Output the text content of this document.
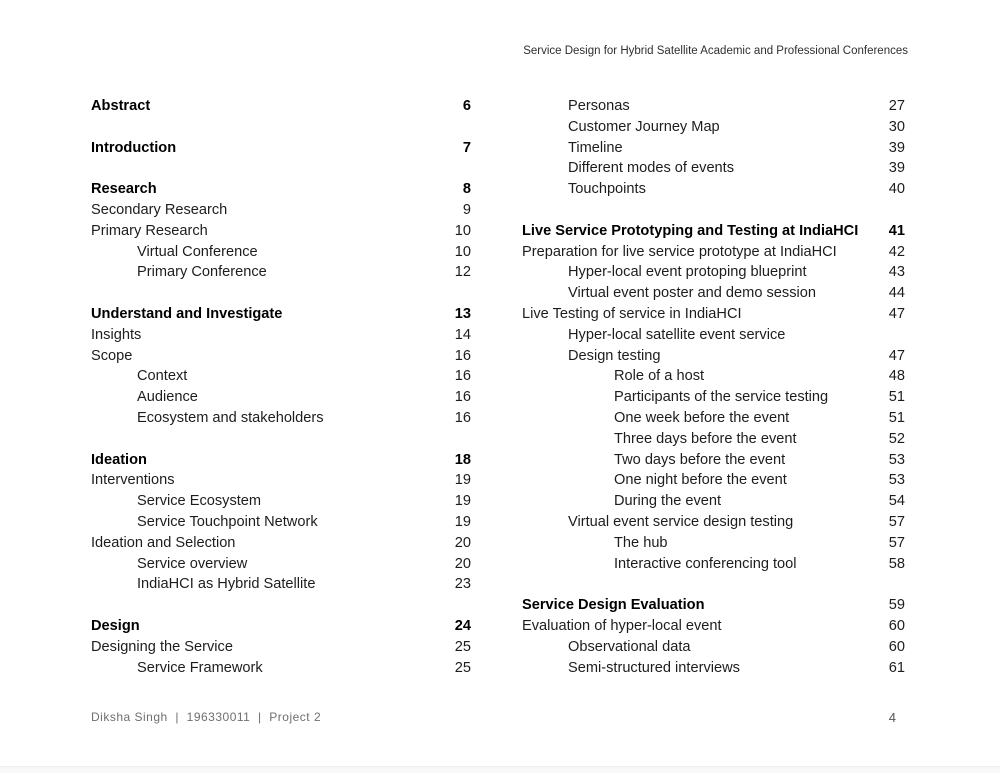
Service Design for Hybrid Satellite Academic and Professional Conferences
Abstract	6
Introduction	7
Research	8
Secondary Research	9
Primary Research	10
Virtual Conference	10
Primary Conference	12
Understand and Investigate	13
Insights	14
Scope	16
Context	16
Audience	16
Ecosystem and stakeholders	16
Ideation	18
Interventions	19
Service Ecosystem	19
Service Touchpoint Network	19
Ideation and Selection	20
Service overview	20
IndiaHCI as Hybrid Satellite	23
Design	24
Designing the Service	25
Service Framework	25
Personas	27
Customer Journey Map	30
Timeline	39
Different modes of events	39
Touchpoints	40
Live Service Prototyping and Testing at IndiaHCI	41
Preparation for live service prototype at IndiaHCI	42
Hyper-local event protoping blueprint	43
Virtual event poster and demo session	44
Live Testing of service in IndiaHCI	47
Hyper-local satellite event service
Design testing	47
Role of a host	48
Participants of the service testing	51
One week before the event	51
Three days before the event	52
Two days before the event	53
One night before the event	53
During the event	54
Virtual event service design testing	57
The hub	57
Interactive conferencing tool	58
Service Design Evaluation	59
Evaluation of hyper-local event	60
Observational data	60
Semi-structured interviews	61
Diksha Singh  |  196330011  |  Project 2	4
